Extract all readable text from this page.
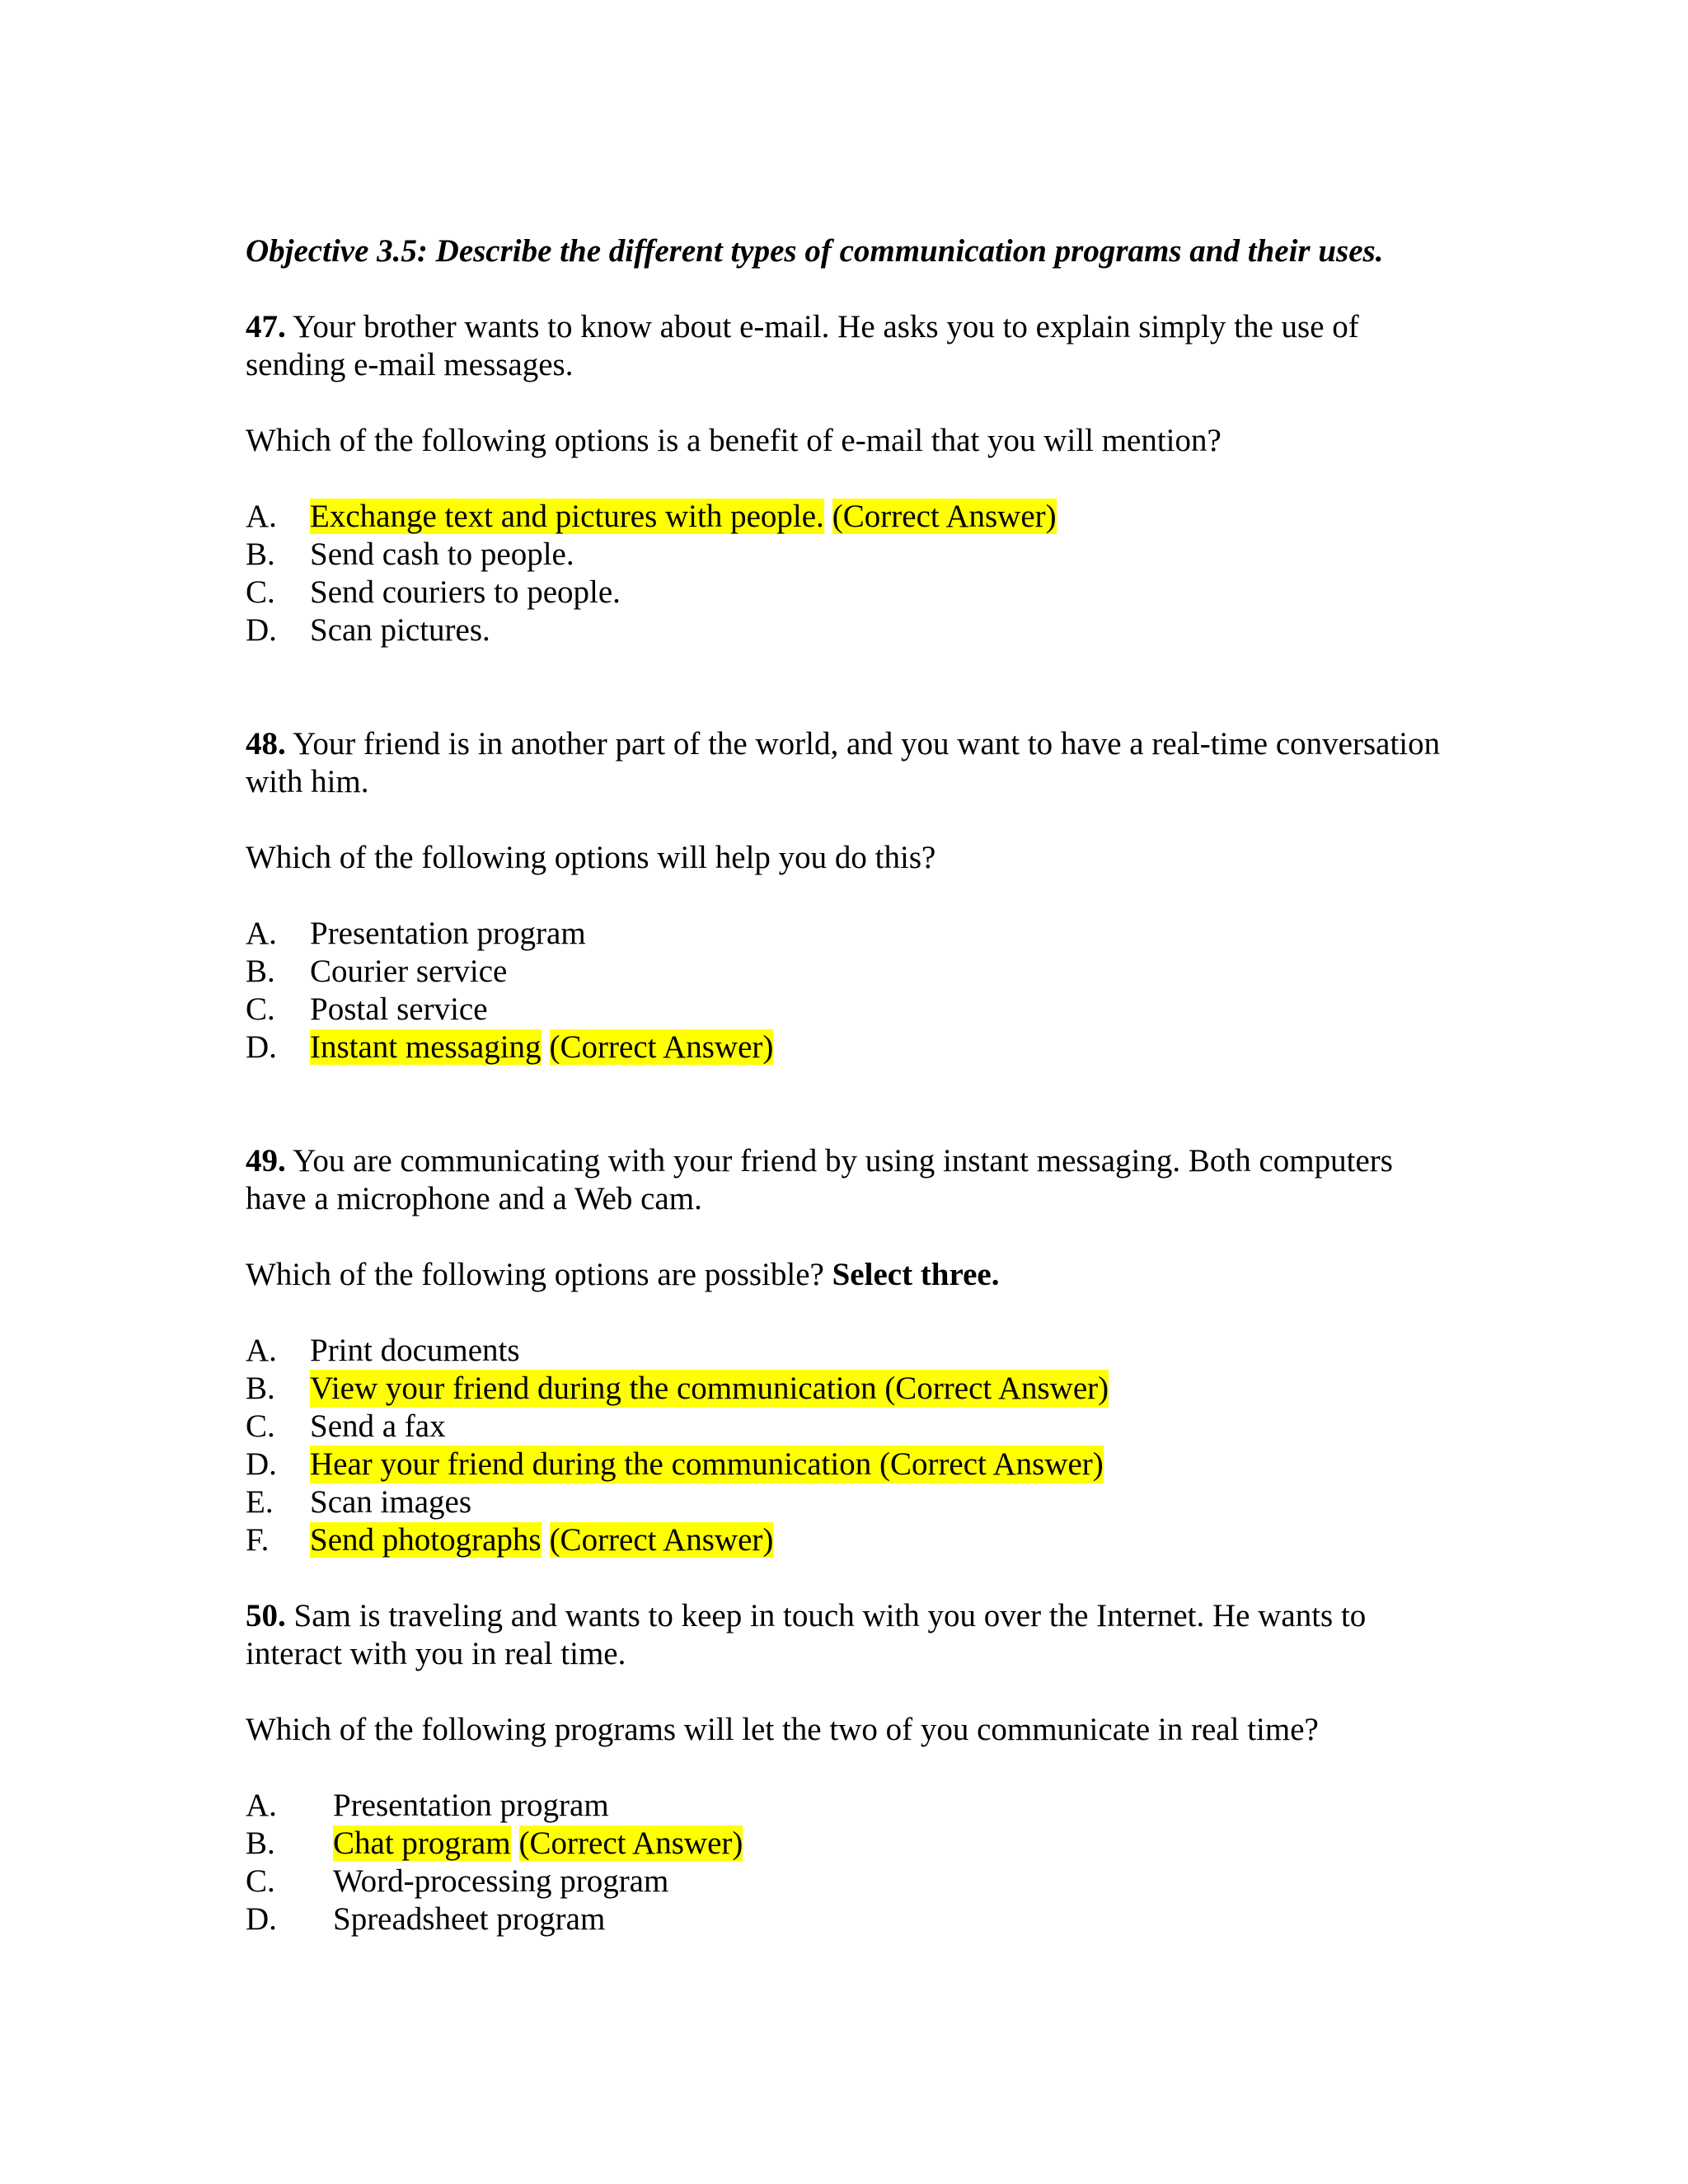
Objective 3.5: Describe the different types of communication programs and their uses.

47. Your brother wants to know about e-mail. He asks you to explain simply the use of sending e-mail messages.

Which of the following options is a benefit of e-mail that you will mention?

A.	Exchange text and pictures with people. (Correct Answer)
B.	Send cash to people.
C.	Send couriers to people.
D.	Scan pictures.

48. Your friend is in another part of the world, and you want to have a real-time conversation with him.

Which of the following options will help you do this?

A.	Presentation program
B.	Courier service
C.	Postal service
D.	Instant messaging (Correct Answer)

49. You are communicating with your friend by using instant messaging. Both computers have a microphone and a Web cam.

Which of the following options are possible? Select three.

A.	Print documents
B.	View your friend during the communication (Correct Answer)
C.	Send a fax
D.	Hear your friend during the communication (Correct Answer)
E.	Scan images
F.	Send photographs (Correct Answer)

50. Sam is traveling and wants to keep in touch with you over the Internet. He wants to interact with you in real time.

Which of the following programs will let the two of you communicate in real time?

A.	Presentation program
B.	Chat program (Correct Answer)
C.	Word-processing program
D.	Spreadsheet program
